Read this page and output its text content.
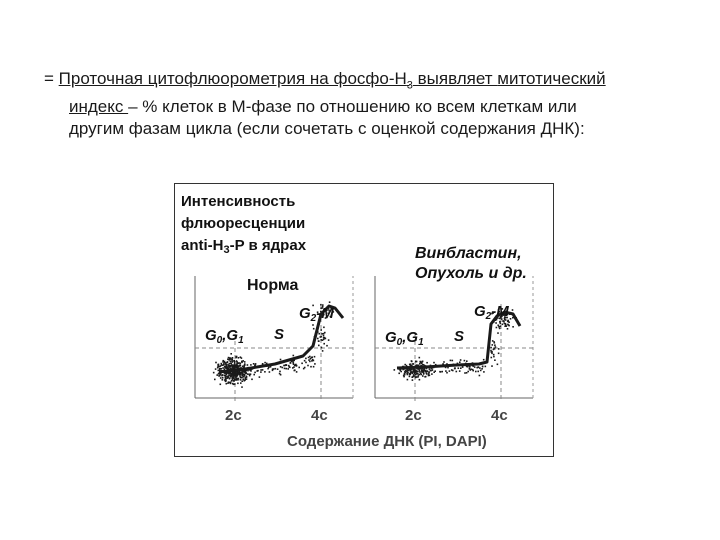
= Проточная цитофлюорометрия на фосфо-$Н_3$ выявляет митотический
индекс – % клеток в М-фазе по отношению ко всем клеткам или
другим фазам цикла (если сочетать с оценкой содержания ДНК):
Интенсивность
флюоресценции
anti-$H_3-P$ в ядрах
Норма
$G_0,G_1$ S
$G_2-M$
2c	4c
Винбластин,
Опухоль и др.
$G_0,G_1$ S
$G_2-M$
2c	4c
Содержание ДНК (PI, DAPI)
